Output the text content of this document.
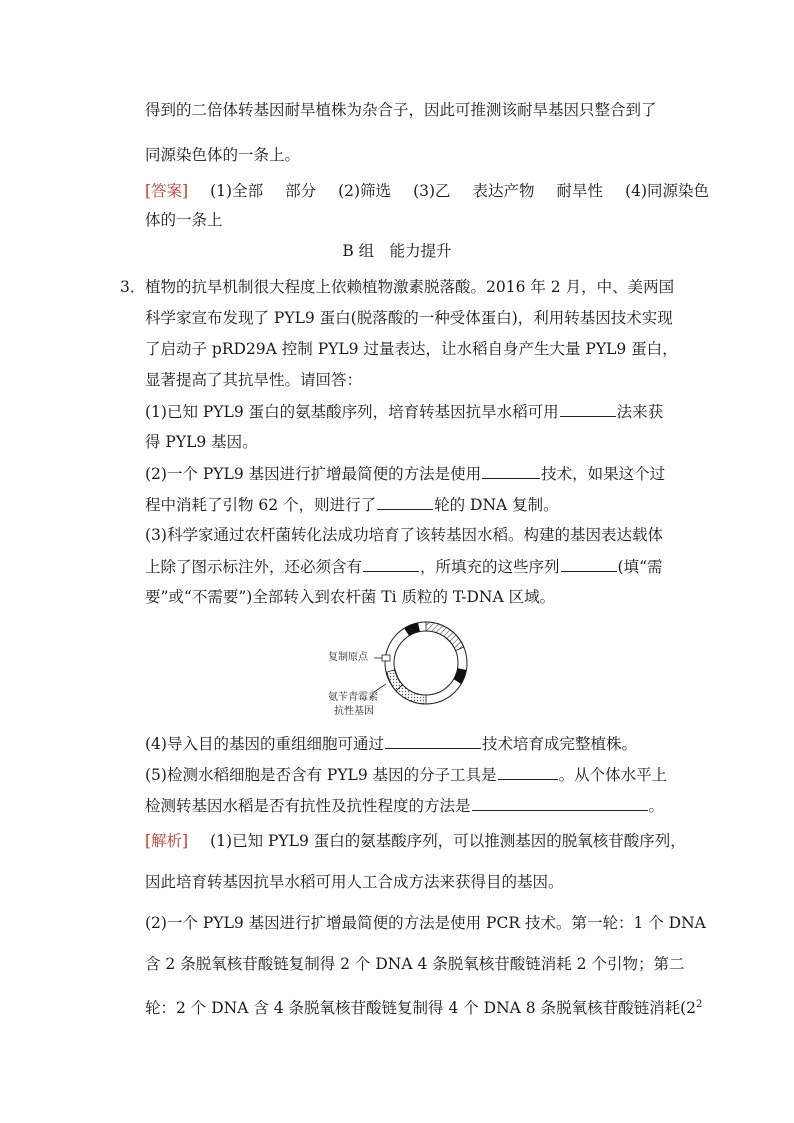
得到的二倍体转基因耐旱植株为杂合子，因此可推测该耐旱基因只整合到了
同源染色体的一条上。
[答案] (1)全部 部分 (2)筛选 (3)乙 表达产物 耐旱性 (4)同源染色
体的一条上
B 组　能力提升
3． 植物的抗旱机制很大程度上依赖植物激素脱落酸。2016 年 2 月，中、美两国
科学家宣布发现了 PYL9 蛋白(脱落酸的一种受体蛋白)，利用转基因技术实现
了启动子 pRD29A 控制 PYL9 过量表达，让水稻自身产生大量 PYL9 蛋白，
显著提高了其抗旱性。请回答：
(1)已知 PYL9 蛋白的氨基酸序列，培育转基因抗旱水稻可用	法来获
得 PYL9 基因。
(2)一个 PYL9 基因进行扩增最简便的方法是使用	技术，如果这个过
程中消耗了引物 62 个，则进行了	轮的 DNA 复制。
(3)科学家通过农杆菌转化法成功培育了该转基因水稻。构建的基因表达载体
上除了图示标注外，还必须含有	，所填充的这些序列	(填“需
要”或“不需要”)全部转入到农杆菌 Ti 质粒的 T-DNA 区域。
复制原点
氨苄青霉素
抗性基因
(4)导入目的基因的重组细胞可通过	技术培育成完整植株。
(5)检测水稻细胞是否含有 PYL9 基因的分子工具是	。从个体水平上
检测转基因水稻是否有抗性及抗性程度的方法是	。
[解析] (1)已知 PYL9 蛋白的氨基酸序列，可以推测基因的脱氧核苷酸序列，
因此培育转基因抗旱水稻可用人工合成方法来获得目的基因。
(2)一个 PYL9 基因进行扩增最简便的方法是使用 PCR 技术。第一轮：1 个 DNA
含 2 条脱氧核苷酸链复制得 2 个 DNA 4 条脱氧核苷酸链消耗 2 个引物；第二
轮：2 个 DNA 含 4 条脱氧核苷酸链复制得 4 个 DNA 8 条脱氧核苷酸链消耗($2^2$
